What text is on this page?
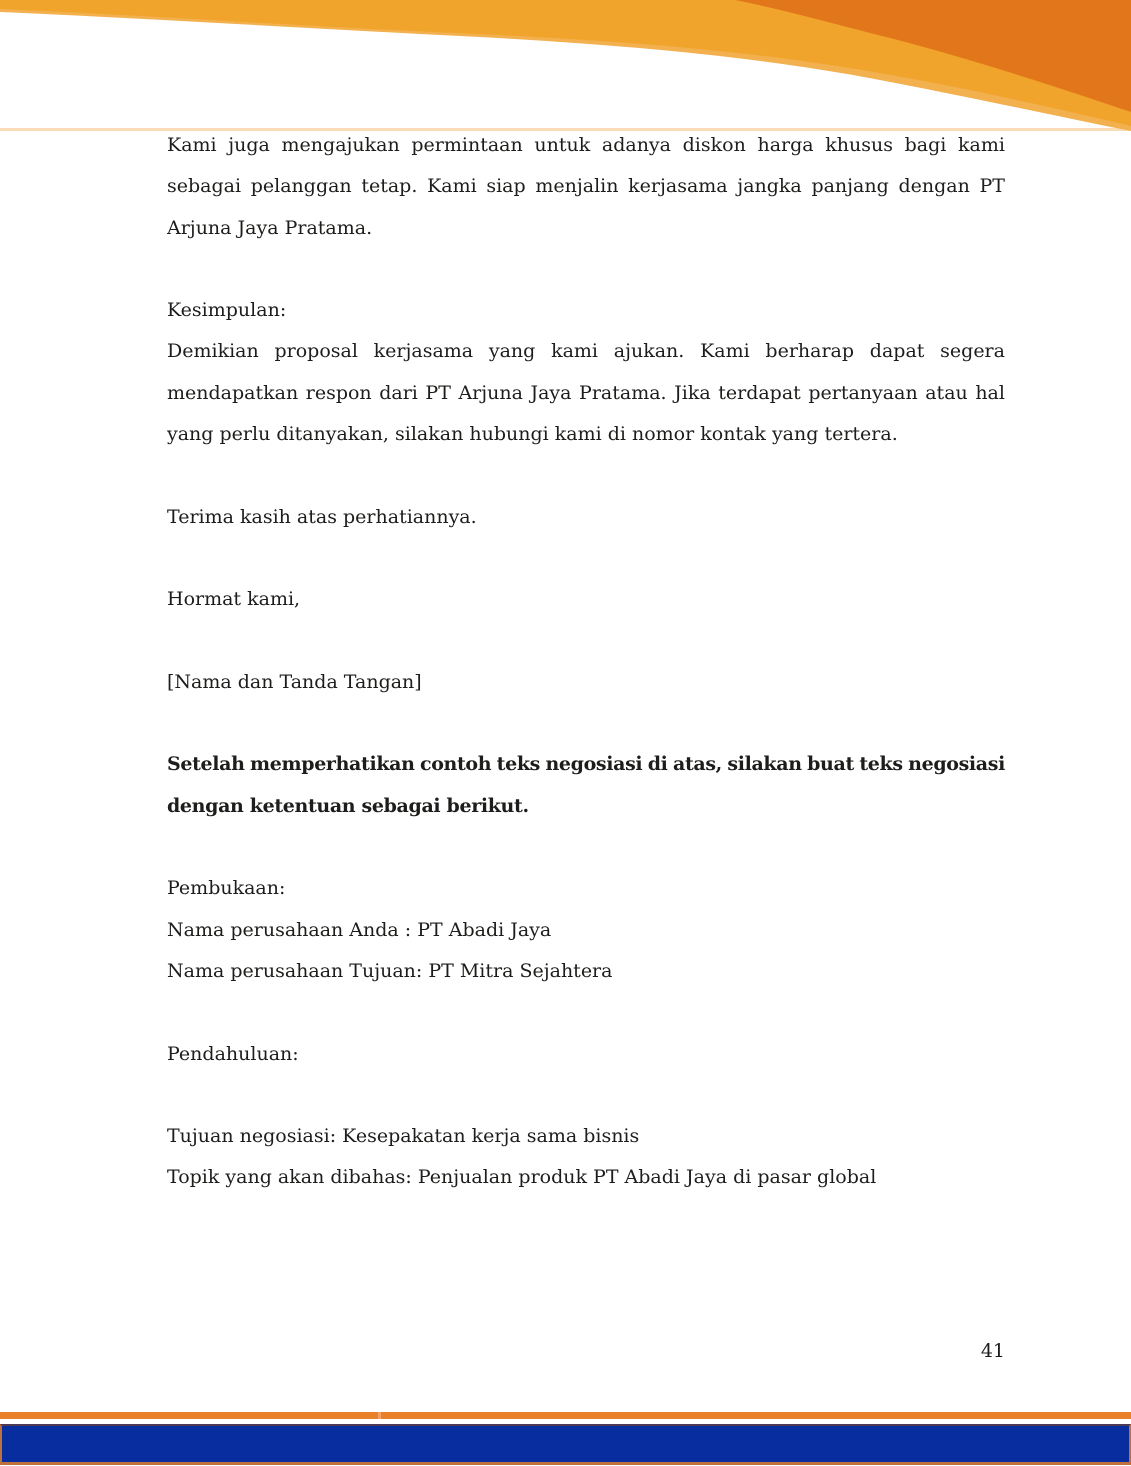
Kami juga mengajukan permintaan untuk adanya diskon harga khusus bagi kami
sebagai pelanggan tetap. Kami siap menjalin kerjasama jangka panjang dengan PT
Arjuna Jaya Pratama.
Kesimpulan:
Demikian proposal kerjasama yang kami ajukan. Kami berharap dapat segera
mendapatkan respon dari PT Arjuna Jaya Pratama. Jika terdapat pertanyaan atau hal
yang perlu ditanyakan, silakan hubungi kami di nomor kontak yang tertera.
Terima kasih atas perhatiannya.
Hormat kami,
[Nama dan Tanda Tangan]
Setelah memperhatikan contoh teks negosiasi di atas, silakan buat teks negosiasi
dengan ketentuan sebagai berikut.
Pembukaan:
Nama perusahaan Anda : PT Abadi Jaya
Nama perusahaan Tujuan: PT Mitra Sejahtera
Pendahuluan:
Tujuan negosiasi: Kesepakatan kerja sama bisnis
Topik yang akan dibahas: Penjualan produk PT Abadi Jaya di pasar global
41
